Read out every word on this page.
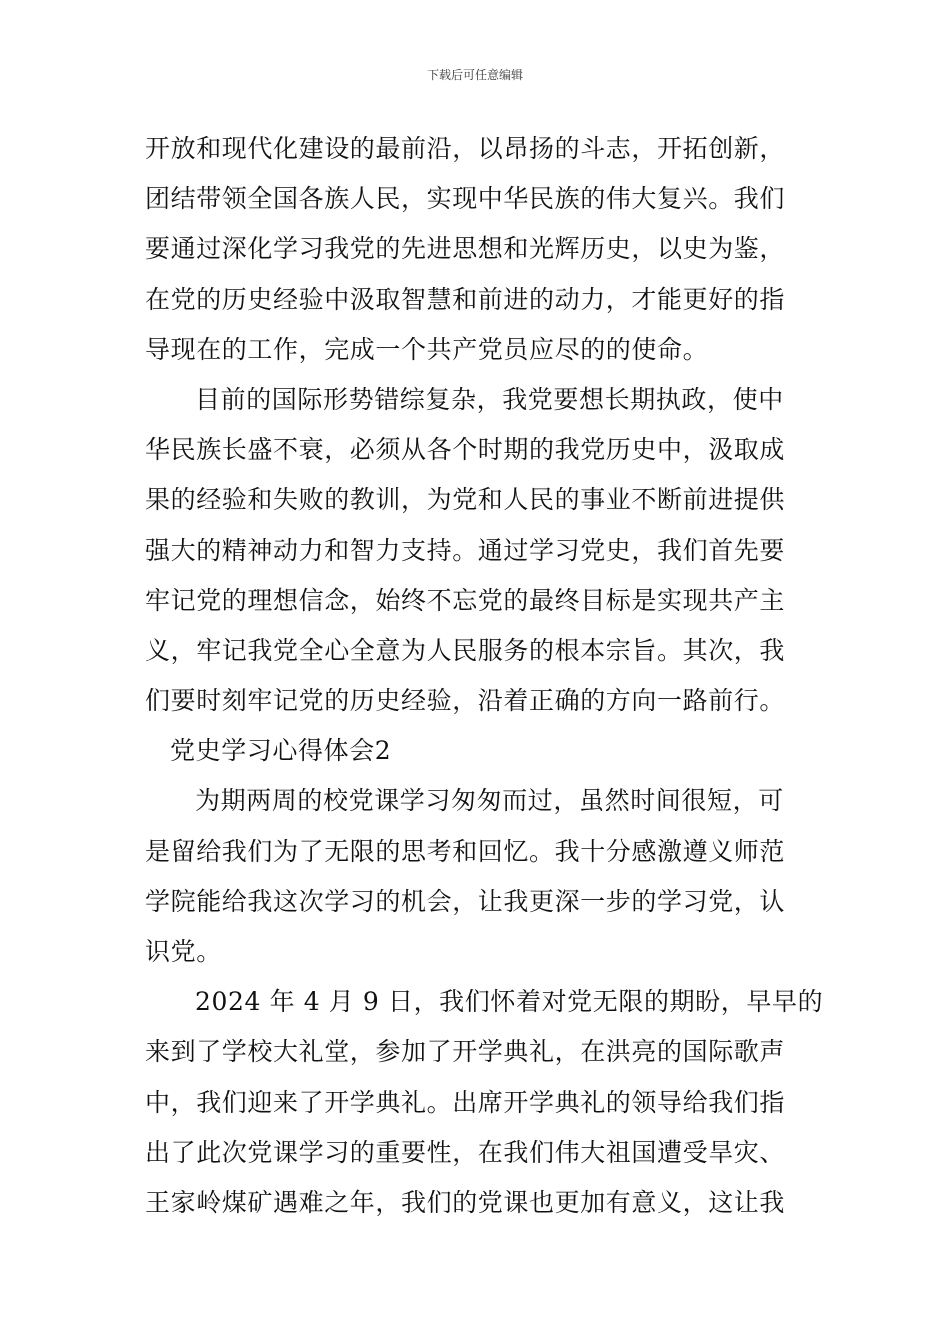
下载后可任意编辑
开放和现代化建设的最前沿，以昂扬的斗志，开拓创新，
团结带领全国各族人民，实现中华民族的伟大复兴。我们
要通过深化学习我党的先进思想和光辉历史，以史为鉴，
在党的历史经验中汲取智慧和前进的动力，才能更好的指
导现在的工作，完成一个共产党员应尽的的使命。
目前的国际形势错综复杂，我党要想长期执政，使中
华民族长盛不衰，必须从各个时期的我党历史中，汲取成
果的经验和失败的教训，为党和人民的事业不断前进提供
强大的精神动力和智力支持。通过学习党史，我们首先要
牢记党的理想信念，始终不忘党的最终目标是实现共产主
义，牢记我党全心全意为人民服务的根本宗旨。其次，我
们要时刻牢记党的历史经验，沿着正确的方向一路前行。
党史学习心得体会2
为期两周的校党课学习匆匆而过，虽然时间很短，可
是留给我们为了无限的思考和回忆。我十分感激遵义师范
学院能给我这次学习的机会，让我更深一步的学习党，认
识党。
2024 年 4 月 9 日，我们怀着对党无限的期盼，早早的
来到了学校大礼堂，参加了开学典礼，在洪亮的国际歌声
中，我们迎来了开学典礼。出席开学典礼的领导给我们指
出了此次党课学习的重要性，在我们伟大祖国遭受旱灾、
王家岭煤矿遇难之年，我们的党课也更加有意义，这让我
